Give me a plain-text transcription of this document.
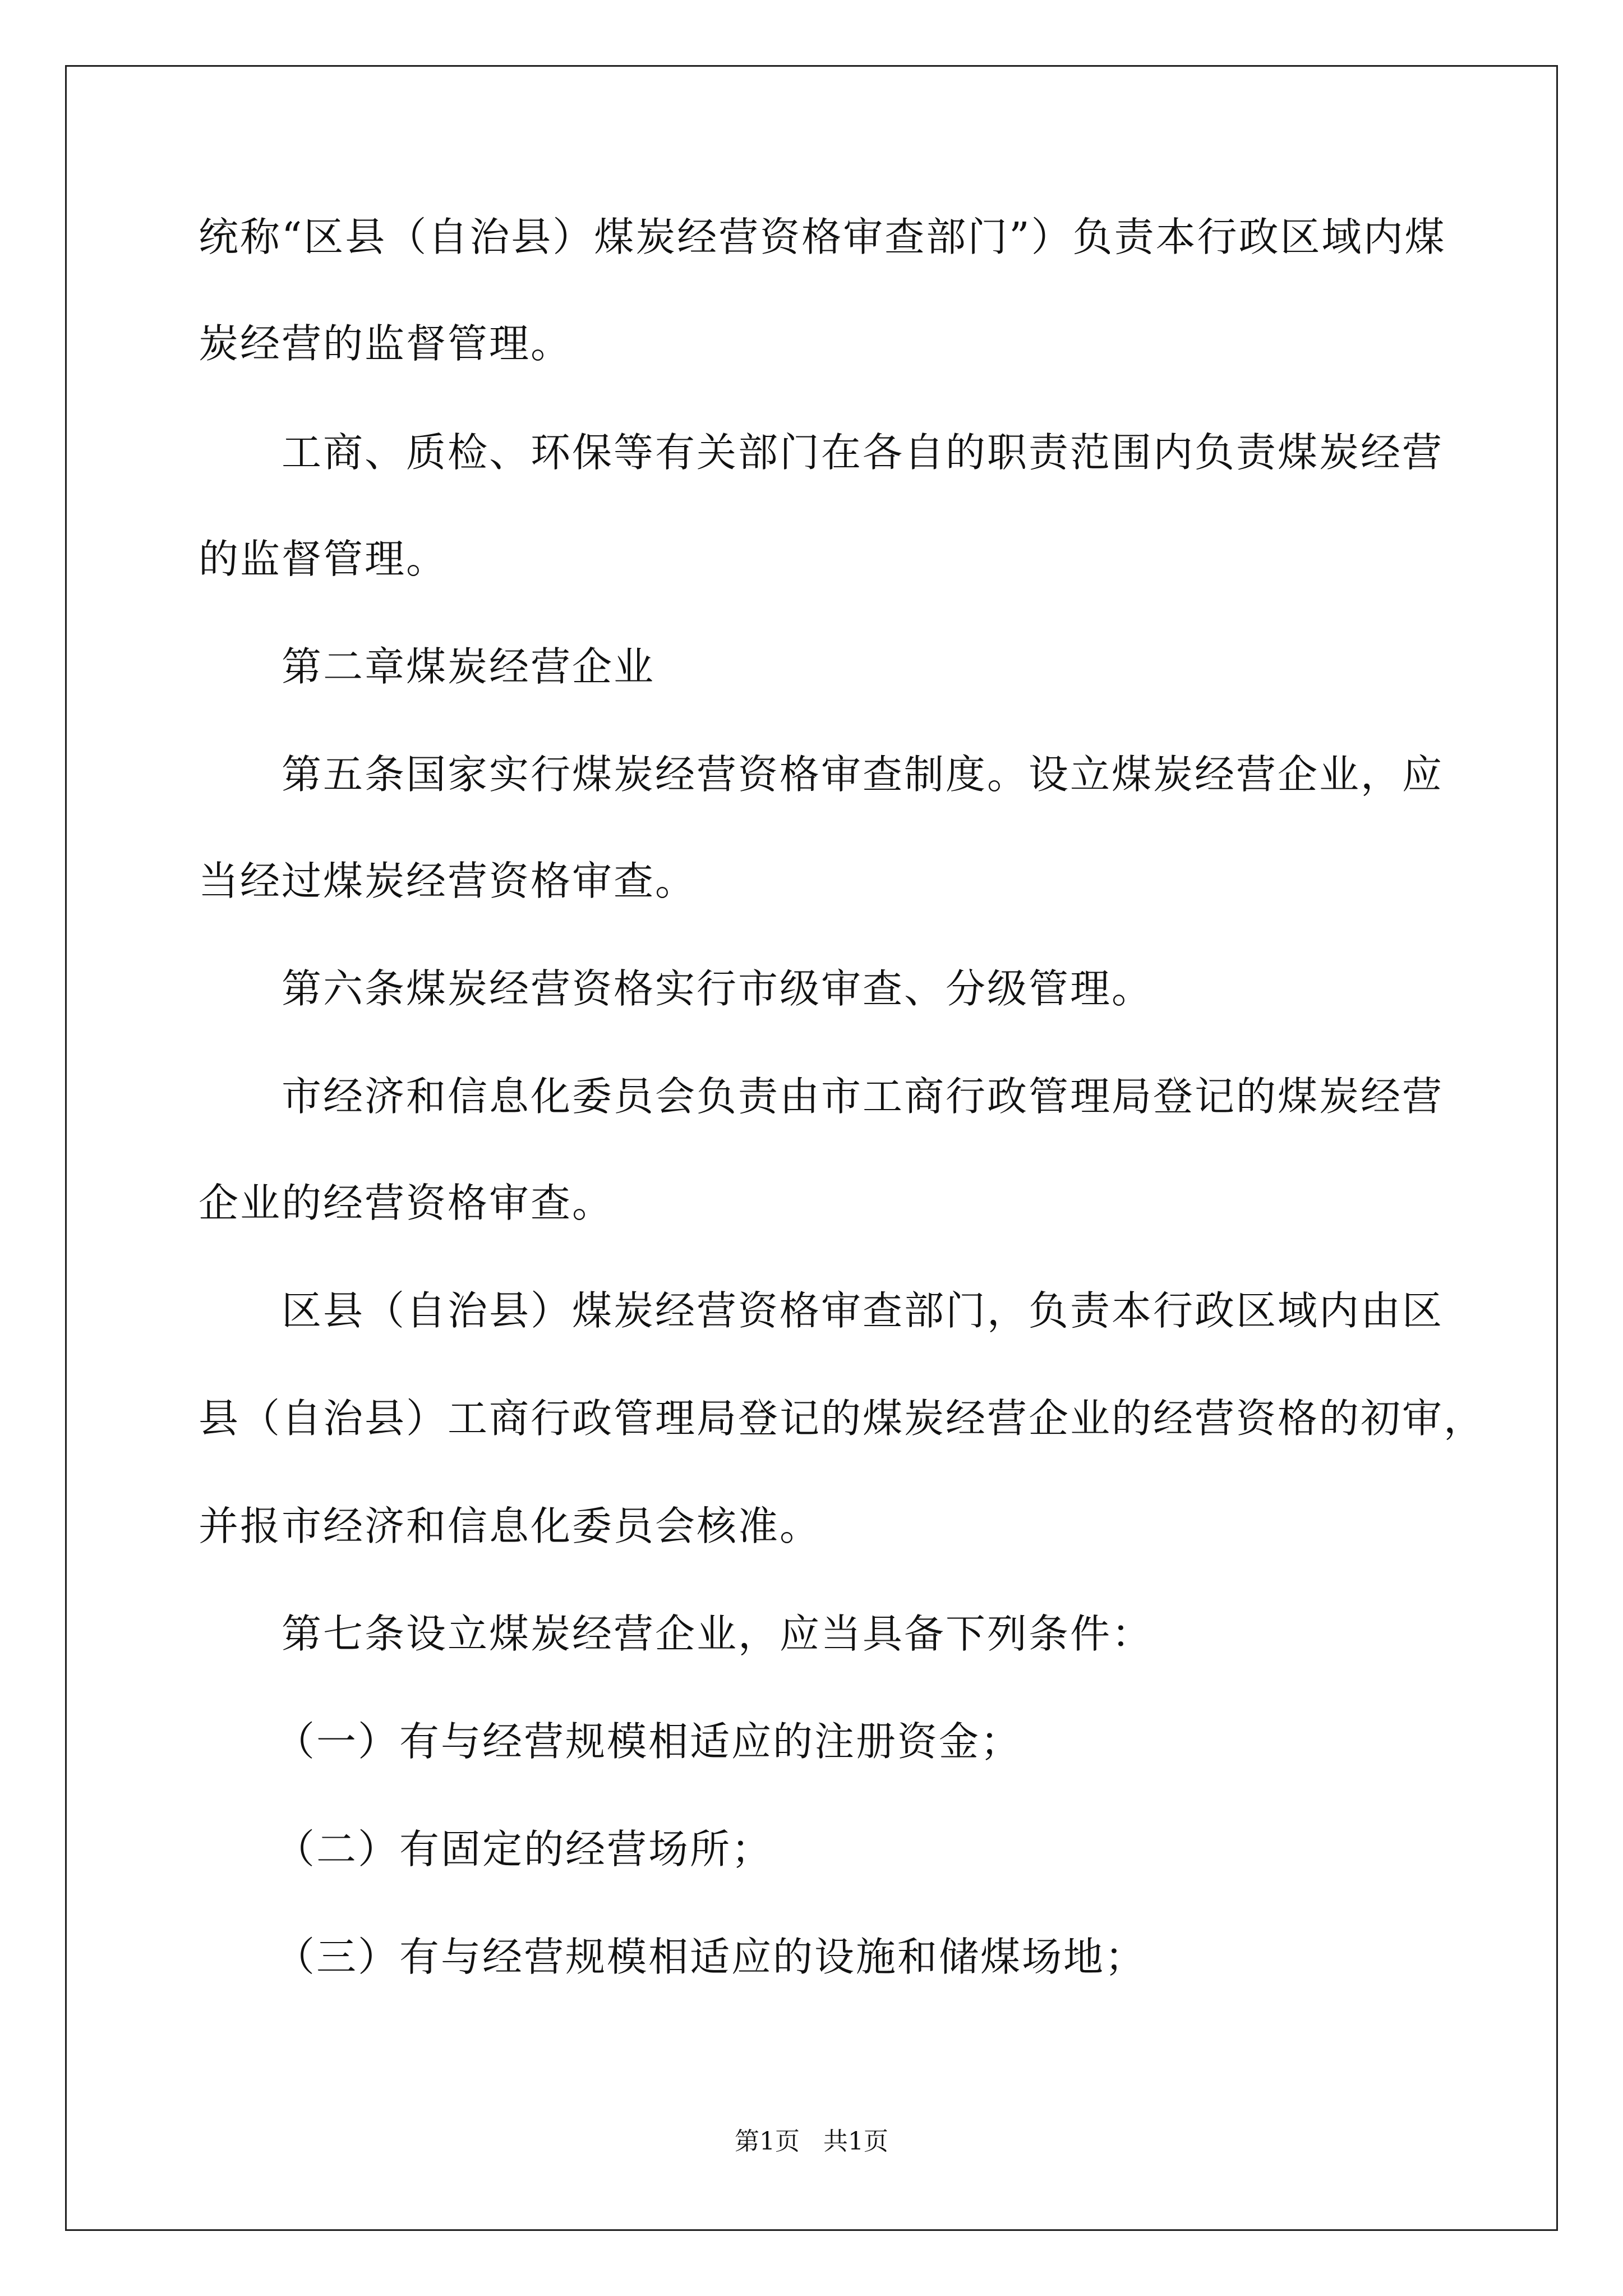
统称“区县（自治县）煤炭经营资格审查部门”）负责本行政区域内煤
炭经营的监督管理。
工商、质检、环保等有关部门在各自的职责范围内负责煤炭经营
的监督管理。
第二章煤炭经营企业
第五条国家实行煤炭经营资格审查制度。设立煤炭经营企业，应
当经过煤炭经营资格审查。
第六条煤炭经营资格实行市级审查、分级管理。
市经济和信息化委员会负责由市工商行政管理局登记的煤炭经营
企业的经营资格审查。
区县（自治县）煤炭经营资格审查部门，负责本行政区域内由区
县（自治县）工商行政管理局登记的煤炭经营企业的经营资格的初审，
并报市经济和信息化委员会核准。
第七条设立煤炭经营企业，应当具备下列条件：
（一）有与经营规模相适应的注册资金；
（二）有固定的经营场所；
（三）有与经营规模相适应的设施和储煤场地；
第1页   共1页
